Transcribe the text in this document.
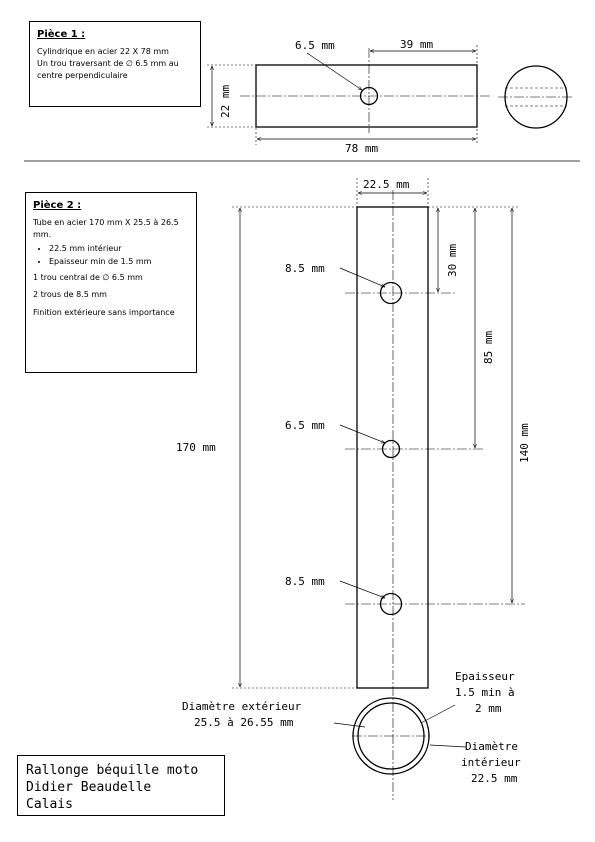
6.5 mm	39 mm
78 mm
22 mm
22.5 mm
170 mm
30 mm
85 mm
140 mm
8.5 mm
6.5 mm
8.5 mm
Diamètre extérieur
25.5 à 26.55 mm
Epaisseur
1.5 min à
2 mm
Diamètre
intérieur
22.5 mm
Pièce 1 :

Cylindrique en acier 22 X 78 mm

Un trou traversant de ∅ 6.5 mm au

centre perpendiculaire

Pièce 2 :

Tube en acier 170 mm X 25.5 à 26.5 mm.

• 22.5 mm intérieur
• Epaisseur min de 1.5 mm

1 trou central de ∅ 6.5 mm

2 trous de 8.5 mm

Finition extérieure sans importance

Rallonge béquille moto
Didier Beaudelle
Calais
